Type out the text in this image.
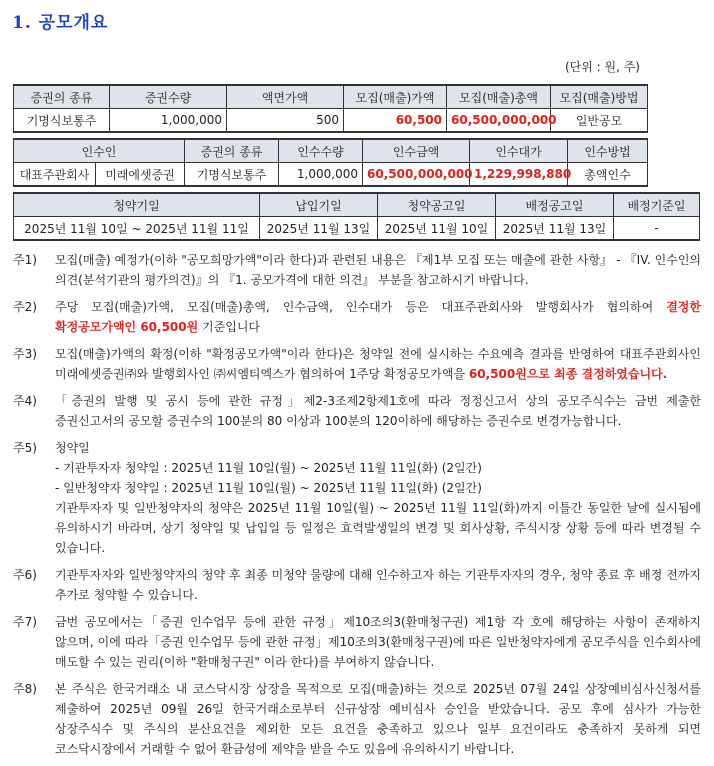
1. 공모개요
(단위 : 원, 주)
증권의 종류	증권수량	액면가액	모집(매출)가액	모집(매출)총액	모집(매출)방법
기명식보통주	1,000,000	500	60,500	60,500,000,000	일반공모
인수인		증권의 종류	인수수량	인수금액	인수대가	인수방법
대표주관회사	미래에셋증권	기명식보통주	1,000,000	60,500,000,000	1,229,998,880	총액인수
청약기일	납입기일	청약공고일	배정공고일	배정기준일
2025년 11월 10일 ~ 2025년 11월 11일	2025년 11월 13일	2025년 11월 10일	2025년 11월 13일	-
주1)	모집(매출) 예정가(이하 "공모희망가액"이라 한다)과 관련된 내용은 『제1부 모집 또는 매출에 관한 사항』 - 『IV. 인수인의 의견(분석기관의 평가의견)』의 『1. 공모가격에 대한 의견』 부분을 참고하시기 바랍니다.
주2)	주당 모집(매출)가액, 모집(매출)총액, 인수금액, 인수대가 등은 대표주관회사와 발행회사가 협의하여 결정한 확정공모가액인 60,500원 기준입니다
주3)	모집(매출)가액의 확정(이하 "확정공모가액"이라 한다)은 청약일 전에 실시하는 수요예측 결과를 반영하여 대표주관회사인 미래에셋증권㈜와 발행회사인 ㈜씨엠티엑스가 협의하여 1주당 확정공모가액을 60,500원으로 최종 결정하였습니다.
주4)	「증권의 발행 및 공시 등에 관한 규정」제2-3조제2항제1호에 따라 정정신고서 상의 공모주식수는 금번 제출한 증권신고서의 공모할 증권수의 100분의 80 이상과 100분의 120이하에 해당하는 증권수로 변경가능합니다.
주5)	청약일
- 기관투자자 청약일 : 2025년 11월 10일(월) ~ 2025년 11월 11일(화) (2일간)
- 일반청약자 청약일 : 2025년 11월 10일(월) ~ 2025년 11월 11일(화) (2일간)
기관투자자 및 일반청약자의 청약은 2025년 11월 10일(월) ~ 2025년 11월 11일(화)까지 이틀간 동일한 날에 실시됨에 유의하시기 바라며, 상기 청약일 및 납입일 등 일정은 효력발생일의 변경 및 회사상황, 주식시장 상황 등에 따라 변경될 수 있습니다.
주6)	기관투자자와 일반청약자의 청약 후 최종 미청약 물량에 대해 인수하고자 하는 기관투자자의 경우, 청약 종료 후 배정 전까지 추가로 청약할 수 있습니다.
주7)	금번 공모에서는「증권 인수업무 등에 관한 규정」제10조의3(환매청구권) 제1항 각 호에 해당하는 사항이 존재하지 않으며, 이에 따라「증권 인수업무 등에 관한 규정」제10조의3(환매청구권)에 따른 일반청약자에게 공모주식을 인수회사에 매도할 수 있는 권리(이하 "환매청구권" 이라 한다)를 부여하지 않습니다.
주8)	본 주식은 한국거래소 내 코스닥시장 상장을 목적으로 모집(매출)하는 것으로 2025년 07월 24일 상장예비심사신청서를 제출하여 2025년 09월 26일 한국거래소로부터 신규상장 예비심사 승인을 받았습니다. 공모 후에 심사가 가능한 상장주식수 및 주식의 분산요건을 제외한 모든 요건을 충족하고 있으나 일부 요건이라도 충족하지 못하게 되면 코스닥시장에서 거래할 수 없어 환금성에 제약을 받을 수도 있음에 유의하시기 바랍니다.
